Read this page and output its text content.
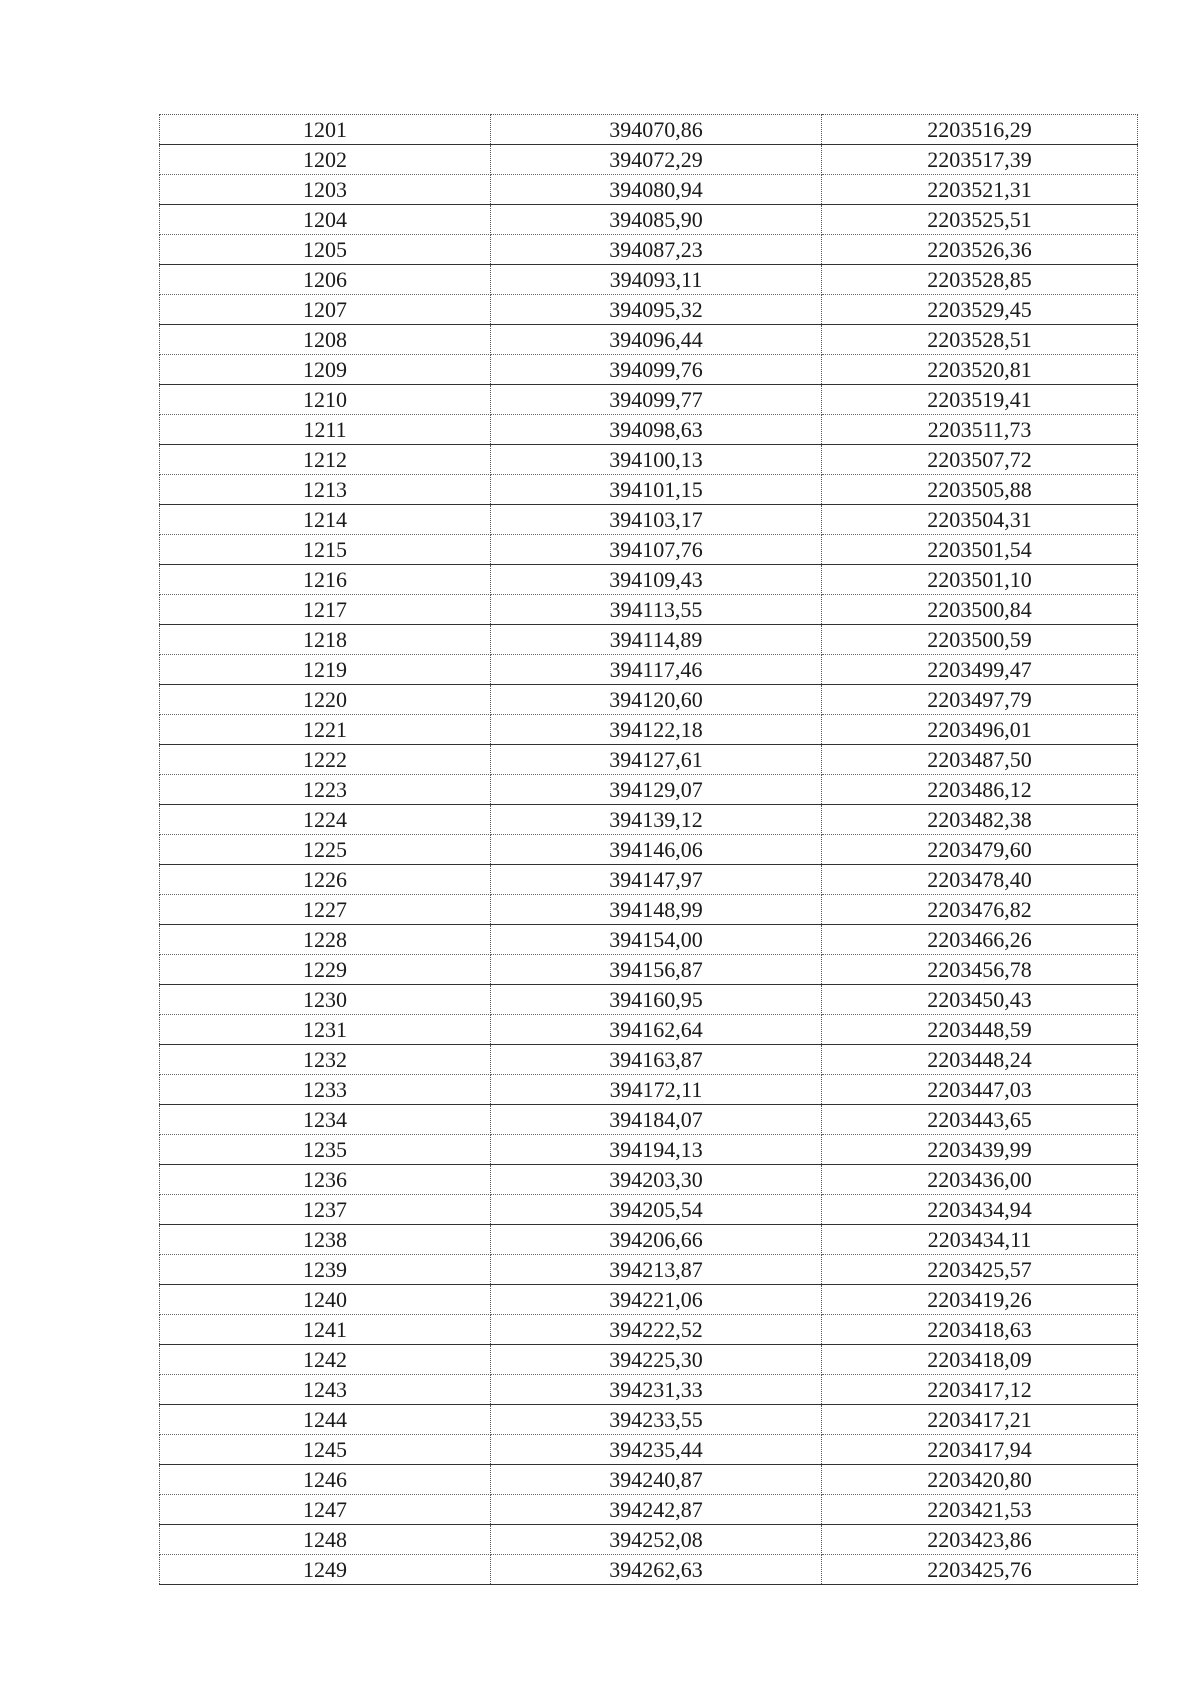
1201	394070,86	2203516,29
1202	394072,29	2203517,39
1203	394080,94	2203521,31
1204	394085,90	2203525,51
1205	394087,23	2203526,36
1206	394093,11	2203528,85
1207	394095,32	2203529,45
1208	394096,44	2203528,51
1209	394099,76	2203520,81
1210	394099,77	2203519,41
1211	394098,63	2203511,73
1212	394100,13	2203507,72
1213	394101,15	2203505,88
1214	394103,17	2203504,31
1215	394107,76	2203501,54
1216	394109,43	2203501,10
1217	394113,55	2203500,84
1218	394114,89	2203500,59
1219	394117,46	2203499,47
1220	394120,60	2203497,79
1221	394122,18	2203496,01
1222	394127,61	2203487,50
1223	394129,07	2203486,12
1224	394139,12	2203482,38
1225	394146,06	2203479,60
1226	394147,97	2203478,40
1227	394148,99	2203476,82
1228	394154,00	2203466,26
1229	394156,87	2203456,78
1230	394160,95	2203450,43
1231	394162,64	2203448,59
1232	394163,87	2203448,24
1233	394172,11	2203447,03
1234	394184,07	2203443,65
1235	394194,13	2203439,99
1236	394203,30	2203436,00
1237	394205,54	2203434,94
1238	394206,66	2203434,11
1239	394213,87	2203425,57
1240	394221,06	2203419,26
1241	394222,52	2203418,63
1242	394225,30	2203418,09
1243	394231,33	2203417,12
1244	394233,55	2203417,21
1245	394235,44	2203417,94
1246	394240,87	2203420,80
1247	394242,87	2203421,53
1248	394252,08	2203423,86
1249	394262,63	2203425,76
